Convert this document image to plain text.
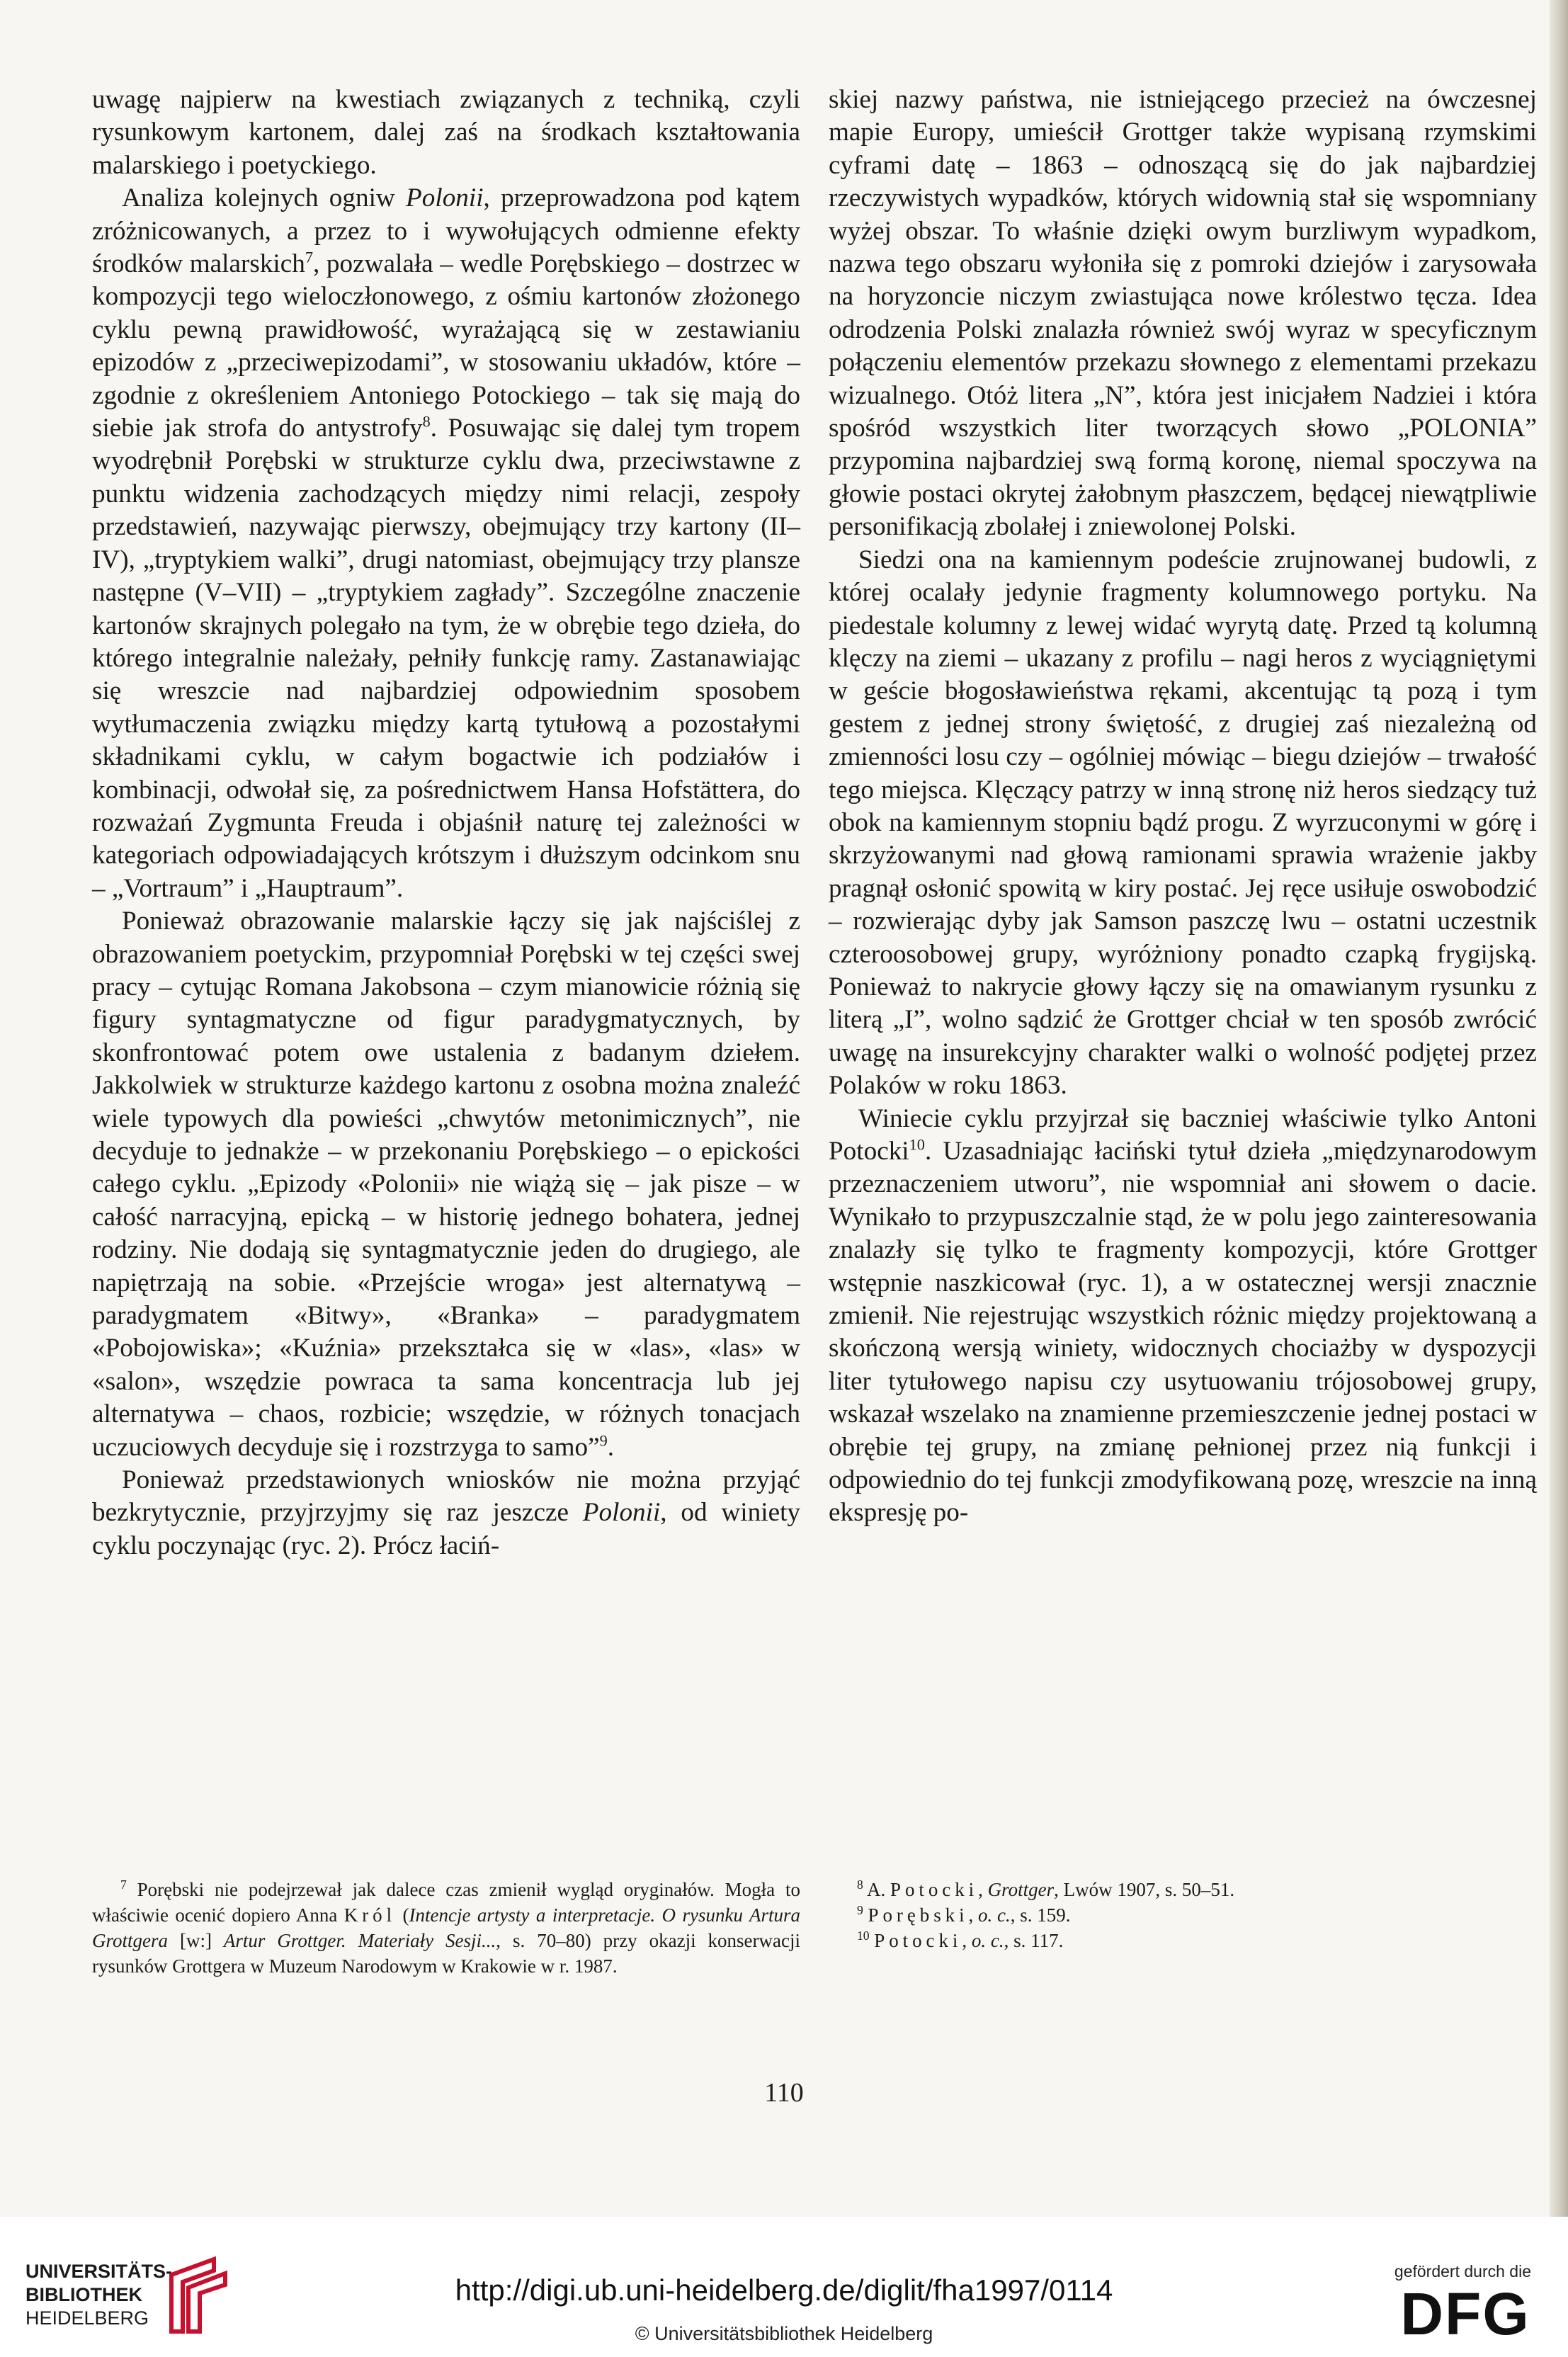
uwagę najpierw na kwestiach związanych z techniką, czyli rysunkowym kartonem, dalej zaś na środkach kształtowania malarskiego i poetyckiego.

Analiza kolejnych ogniw Polonii, przeprowadzona pod kątem zróżnicowanych, a przez to i wywołujących odmienne efekty środków malarskich$^7$, pozwalała – wedle Porębskiego – dostrzec w kompozycji tego wieloczłonowego, z ośmiu kartonów złożonego cyklu pewną prawidłowość, wyrażającą się w zestawianiu epizodów z „przeciwepizodami”, w stosowaniu układów, które – zgodnie z określeniem Antoniego Potockiego – tak się mają do siebie jak strofa do antystrofy$^8$. Posuwając się dalej tym tropem wyodrębnił Porębski w strukturze cyklu dwa, przeciwstawne z punktu widzenia zachodzących między nimi relacji, zespoły przedstawień, nazywając pierwszy, obejmujący trzy kartony (II–IV), „tryptykiem walki”, drugi natomiast, obejmujący trzy plansze następne (V–VII) – „tryptykiem zagłady”. Szczególne znaczenie kartonów skrajnych polegało na tym, że w obrębie tego dzieła, do którego integralnie należały, pełniły funkcję ramy. Zastanawiając się wreszcie nad najbardziej odpowiednim sposobem wytłumaczenia związku między kartą tytułową a pozostałymi składnikami cyklu, w całym bogactwie ich podziałów i kombinacji, odwołał się, za pośrednictwem Hansa Hofstättera, do rozważań Zygmunta Freuda i objaśnił naturę tej zależności w kategoriach odpowiadających krótszym i dłuższym odcinkom snu – „Vortraum” i „Hauptraum”.

Ponieważ obrazowanie malarskie łączy się jak najściślej z obrazowaniem poetyckim, przypomniał Porębski w tej części swej pracy – cytując Romana Jakobsona – czym mianowicie różnią się figury syntagmatyczne od figur paradygmatycznych, by skonfrontować potem owe ustalenia z badanym dziełem. Jakkolwiek w strukturze każdego kartonu z osobna można znaleźć wiele typowych dla powieści „chwytów metonimicznych”, nie decyduje to jednakże – w przekonaniu Porębskiego – o epickości całego cyklu. „Epizody «Polonii» nie wiążą się – jak pisze – w całość narracyjną, epicką – w historię jednego bohatera, jednej rodziny. Nie dodają się syntagmatycznie jeden do drugiego, ale napiętrzają na sobie. «Przejście wroga» jest alternatywą – paradygmatem «Bitwy», «Branka» – paradygmatem «Pobojowiska»; «Kuźnia» przekształca się w «las», «las» w «salon», wszędzie powraca ta sama koncentracja lub jej alternatywa – chaos, rozbicie; wszędzie, w różnych tonacjach uczuciowych decyduje się i rozstrzyga to samo”$^9$.

Ponieważ przedstawionych wniosków nie można przyjąć bezkrytycznie, przyjrzyjmy się raz jeszcze Polonii, od winiety cyklu poczynając (ryc. 2). Prócz łaciń-

skiej nazwy państwa, nie istniejącego przecież na ówczesnej mapie Europy, umieścił Grottger także wypisaną rzymskimi cyframi datę – 1863 – odnoszącą się do jak najbardziej rzeczywistych wypadków, których widownią stał się wspomniany wyżej obszar. To właśnie dzięki owym burzliwym wypadkom, nazwa tego obszaru wyłoniła się z pomroki dziejów i zarysowała na horyzoncie niczym zwiastująca nowe królestwo tęcza. Idea odrodzenia Polski znalazła również swój wyraz w specyficznym połączeniu elementów przekazu słownego z elementami przekazu wizualnego. Otóż litera „N”, która jest inicjałem Nadziei i która spośród wszystkich liter tworzących słowo „POLONIA” przypomina najbardziej swą formą koronę, niemal spoczywa na głowie postaci okrytej żałobnym płaszczem, będącej niewątpliwie personifikacją zbolałej i zniewolonej Polski.

Siedzi ona na kamiennym podeście zrujnowanej budowli, z której ocalały jedynie fragmenty kolumnowego portyku. Na piedestale kolumny z lewej widać wyrytą datę. Przed tą kolumną klęczy na ziemi – ukazany z profilu – nagi heros z wyciągniętymi w geście błogosławieństwa rękami, akcentując tą pozą i tym gestem z jednej strony świętość, z drugiej zaś niezależną od zmienności losu czy – ogólniej mówiąc – biegu dziejów – trwałość tego miejsca. Klęczący patrzy w inną stronę niż heros siedzący tuż obok na kamiennym stopniu bądź progu. Z wyrzuconymi w górę i skrzyżowanymi nad głową ramionami sprawia wrażenie jakby pragnął osłonić spowitą w kiry postać. Jej ręce usiłuje oswobodzić – rozwierając dyby jak Samson paszczę lwu – ostatni uczestnik czteroosobowej grupy, wyróżniony ponadto czapką frygijską. Ponieważ to nakrycie głowy łączy się na omawianym rysunku z literą „I”, wolno sądzić że Grottger chciał w ten sposób zwrócić uwagę na insurekcyjny charakter walki o wolność podjętej przez Polaków w roku 1863.

Winiecie cyklu przyjrzał się baczniej właściwie tylko Antoni Potocki$^{10}$. Uzasadniając łaciński tytuł dzieła „międzynarodowym przeznaczeniem utworu”, nie wspomniał ani słowem o dacie. Wynikało to przypuszczalnie stąd, że w polu jego zainteresowania znalazły się tylko te fragmenty kompozycji, które Grottger wstępnie naszkicował (ryc. 1), a w ostatecznej wersji znacznie zmienił. Nie rejestrując wszystkich różnic między projektowaną a skończoną wersją winiety, widocznych chociażby w dyspozycji liter tytułowego napisu czy usytuowaniu trójosobowej grupy, wskazał wszelako na znamienne przemieszczenie jednej postaci w obrębie tej grupy, na zmianę pełnionej przez nią funkcji i odpowiednio do tej funkcji zmodyfikowaną pozę, wreszcie na inną ekspresję po-

$^7$ Porębski nie podejrzewał jak dalece czas zmienił wygląd oryginałów. Mogła to właściwie ocenić dopiero Anna Król (Intencje artysty a interpretacje. O rysunku Artura Grottgera [w:] Artur Grottger. Materiały Sesji..., s. 70–80) przy okazji konserwacji rysunków Grottgera w Muzeum Narodowym w Krakowie w r. 1987.

$^8$ A. Potocki, Grottger, Lwów 1907, s. 50–51.

$^9$ Porębski, o. c., s. 159.

$^{10}$ Potocki, o. c., s. 117.

110
UNIVERSITÄTS-
BIBLIOTHEK
HEIDELBERG
http://digi.ub.uni-heidelberg.de/diglit/fha1997/0114
© Universitätsbibliothek Heidelberg
gefördert durch die
DFG
